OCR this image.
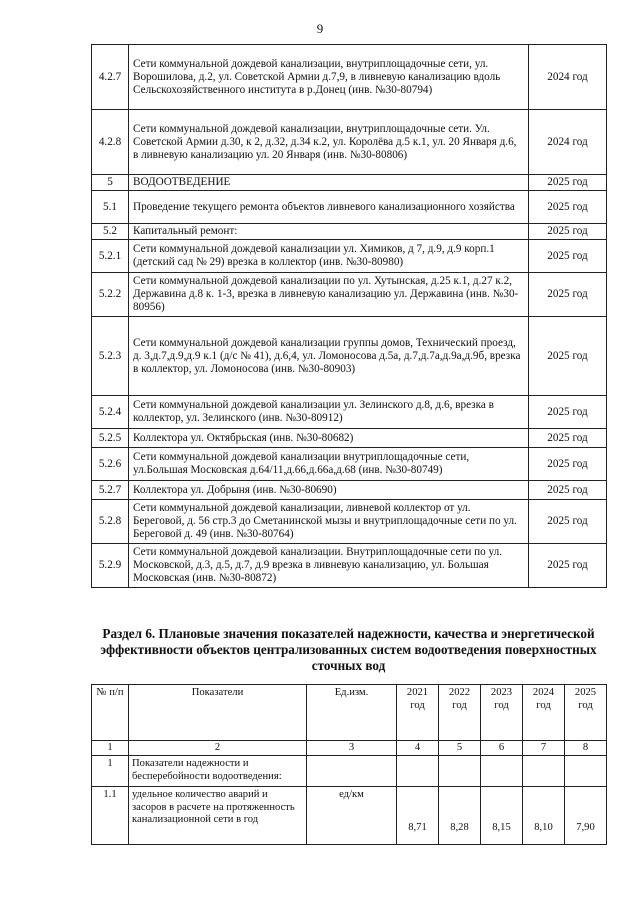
9
4.2.7	Сети коммунальной дождевой канализации, внутриплощадочные сети, ул. Ворошилова, д.2, ул. Советской Армии д.7,9, в ливневую канализацию вдоль Сельскохозяйственного института в р.Донец (инв. №30-80794)	2024 год
4.2.8	Сети коммунальной дождевой канализации, внутриплощадочные сети. Ул. Советской Армии д.30, к 2, д.32, д.34 к.2, ул. Королёва д.5 к.1, ул. 20 Января д.6, в ливневую канализацию ул. 20 Января (инв. №30-80806)	2024 год
5	ВОДООТВЕДЕНИЕ	2025 год
5.1	Проведение текущего ремонта объектов ливневого канализационного хозяйства	2025 год
5.2	Капитальный ремонт:	2025 год
5.2.1	Сети коммунальной дождевой канализации ул. Химиков, д 7, д.9, д.9 корп.1 (детский сад № 29) врезка в коллектор (инв. №30-80980)	2025 год
5.2.2	Сети коммунальной дождевой канализации по ул. Хутынская, д.25 к.1, д.27 к.2, Державина д.8 к. 1-3, врезка в ливневую канализацию ул. Державина (инв. №30-80956)	2025 год
5.2.3	Сети коммунальной дождевой канализации группы домов, Технический проезд, д. 3,д.7,д.9,д.9 к.1 (д/с № 41), д.6,4, ул. Ломоносова д.5а, д.7,д.7а,д.9а,д.9б, врезка в коллектор, ул. Ломоносова (инв. №30-80903)	2025 год
5.2.4	Сети коммунальной дождевой канализации ул. Зелинского д.8, д.6, врезка в коллектор, ул. Зелинского (инв. №30-80912)	2025 год
5.2.5	Коллектора ул. Октябрьская (инв. №30-80682)	2025 год
5.2.6	Сети коммунальной дождевой канализации внутриплощадочные сети, ул.Большая Московская д.64/11,д.66,д.66а,д.68 (инв. №30-80749)	2025 год
5.2.7	Коллектора ул. Добрыня (инв. №30-80690)	2025 год
5.2.8	Сети коммунальной дождевой канализации, ливневой коллектор от ул. Береговой, д. 56 стр.3 до Сметанинской мызы и внутриплощадочные сети по ул. Береговой д. 49 (инв. №30-80764)	2025 год
5.2.9	Сети коммунальной дождевой канализации. Внутриплощадочные сети по ул. Московской, д.3, д.5, д.7, д.9 врезка в ливневую канализацию, ул. Большая Московская (инв. №30-80872)	2025 год
Раздел 6. Плановые значения показателей надежности, качества и энергетической эффективности объектов централизованных систем водоотведения поверхностных сточных вод
№ п/п	Показатели	Ед.изм.	2021 год	2022 год	2023 год	2024 год	2025 год
1	2	3	4	5	6	7	8
1	Показатели надежности и бесперебойности водоотведения:						
1.1	удельное количество аварий и засоров в расчете на протяженность канализационной сети в год	ед/км	8,71	8,28	8,15	8,10	7,90
